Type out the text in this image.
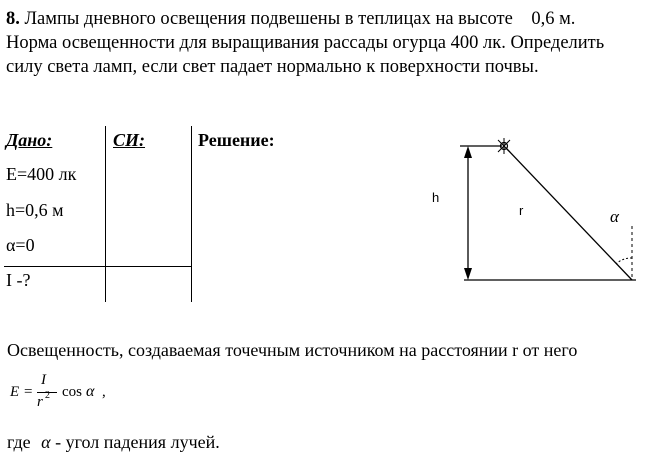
8. Лампы дневного освещения подвешены в теплицах на высоте    0,6 м.
Норма освещенности для выращивания рассады огурца 400 лк. Определить
силу света ламп, если свет падает нормально к поверхности почвы.
Дано:	СИ:	Решение:
E=400 лк
h=0,6 м
α=0
I -?
h
r	α
Освещенность, создаваемая точечным источником на расстоянии r от него
E =
I
r 2 cos α ,
где α - угол падения лучей.
